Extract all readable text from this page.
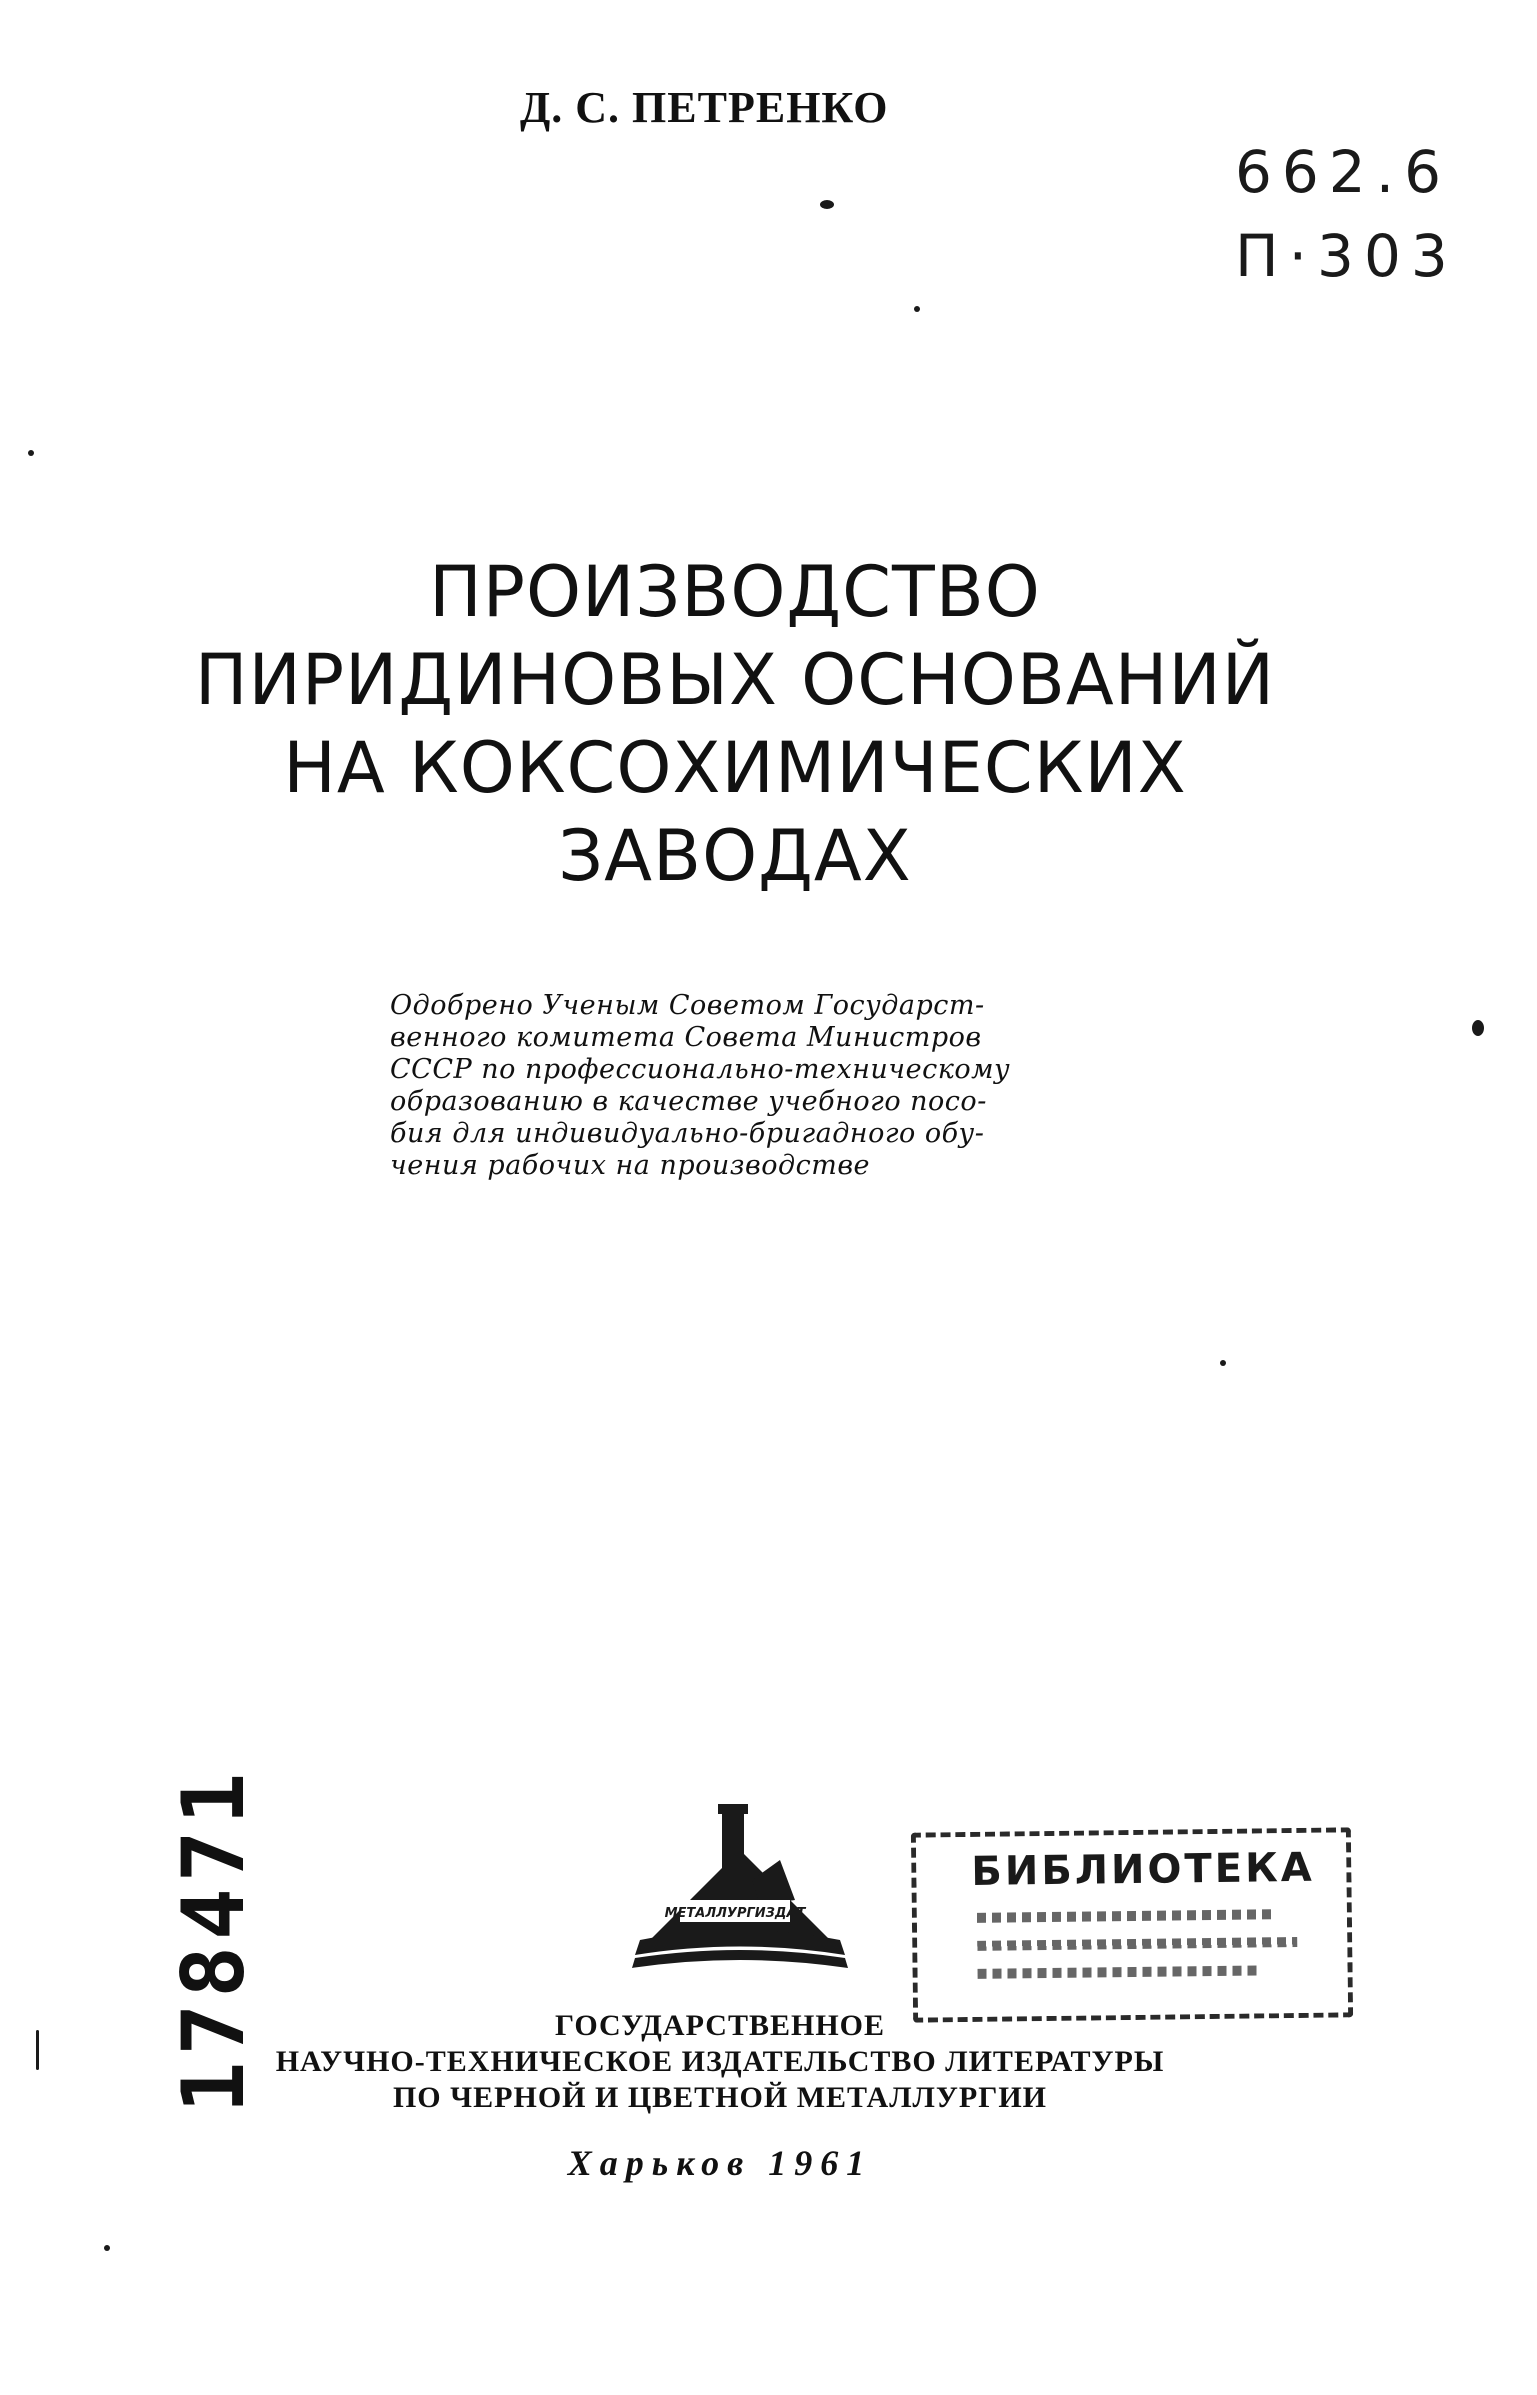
Д. С. ПЕТРЕНКО
662.6
П·303
ПРОИЗВОДСТВО
ПИРИДИНОВЫХ ОСНОВАНИЙ
НА КОКСОХИМИЧЕСКИХ
ЗАВОДАХ
Одобрено Ученым Советом Государст-
венного комитета Совета Министров
СССР по профессионально-техническому
образованию в качестве учебного посо-
бия для индивидуально-бригадного обу-
чения рабочих на производстве
178471	МЕТАЛЛУРГИЗДАТ
БИБЛИОТЕКА
ГОСУДАРСТВЕННОЕ
НАУЧНО-ТЕХНИЧЕСКОЕ ИЗДАТЕЛЬСТВО ЛИТЕРАТУРЫ
ПО ЧЕРНОЙ И ЦВЕТНОЙ МЕТАЛЛУРГИИ
Харьков 1961
